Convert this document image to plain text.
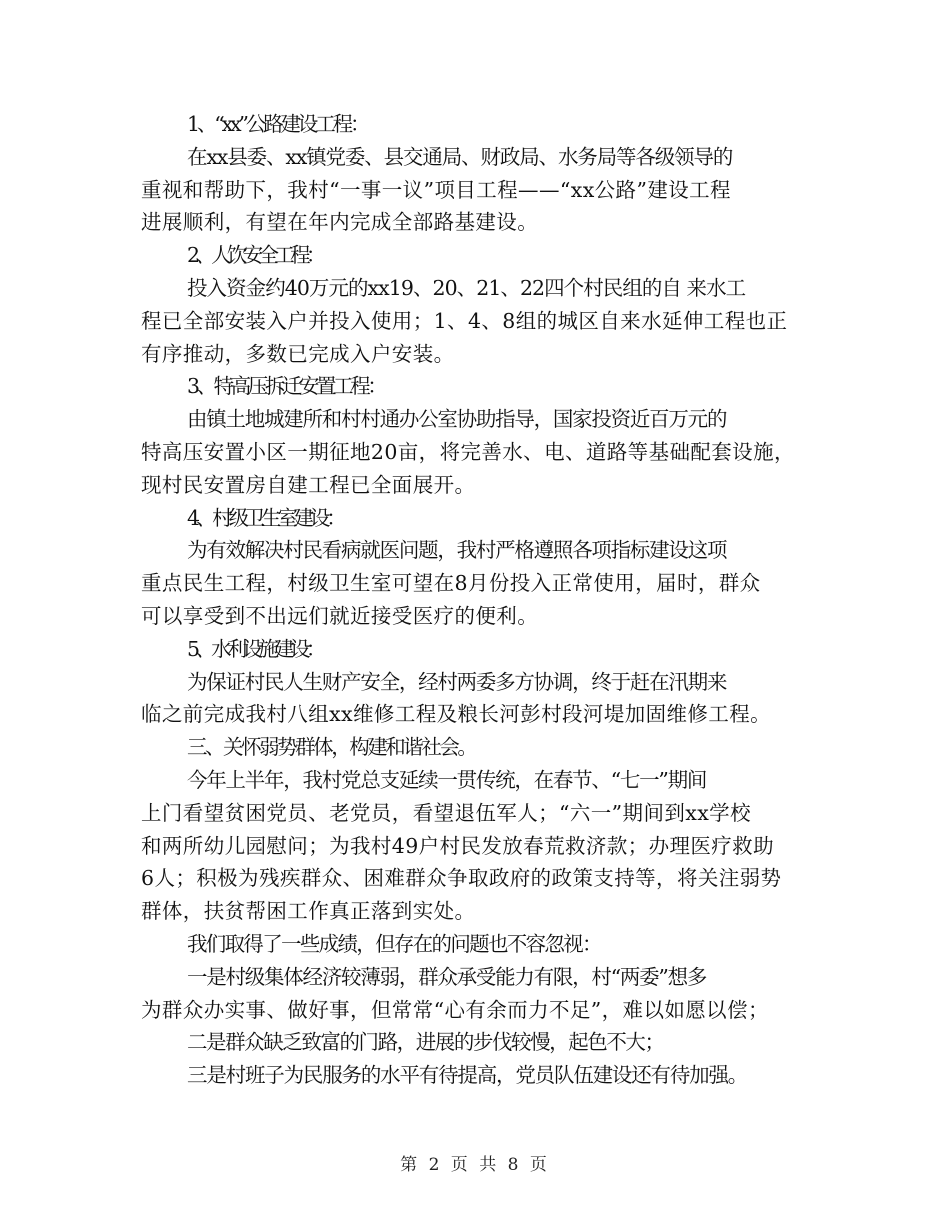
1、“xx”公路建设工程：
在xx县委、xx镇党委、县交通局、财政局、水务局等各级领导的
重视和帮助下，我村“一事一议”项目工程——“xx公路”建设工程
进展顺利，有望在年内完成全部路基建设。
2、人饮安全工程：
投入资金约40万元的xx19、20、21、22四个村民组的自 来水工
程已全部安装入户并投入使用；1、4、8组的城区自来水延伸工程也正
有序推动，多数已完成入户安装。
3、特高压拆迁安置工程：
由镇土地城建所和村村通办公室协助指导，国家投资近百万元的
特高压安置小区一期征地20亩，将完善水、电、道路等基础配套设施，
现村民安置房自建工程已全面展开。
4、村级卫生室建设：
为有效解决村民看病就医问题，我村严格遵照各项指标建设这项
重点民生工程，村级卫生室可望在8月份投入正常使用，届时，群众
可以享受到不出远们就近接受医疗的便利。
5、水利设施建设：
为保证村民人生财产安全，经村两委多方协调，终于赶在汛期来
临之前完成我村八组xx维修工程及粮长河彭村段河堤加固维修工程。
三、关怀弱势群体，构建和谐社会。
今年上半年，我村党总支延续一贯传统，在春节、“七一”期间
上门看望贫困党员、老党员，看望退伍军人；“六一”期间到xx学校
和两所幼儿园慰问；为我村49户村民发放春荒救济款；办理医疗救助
6人；积极为残疾群众、困难群众争取政府的政策支持等，将关注弱势
群体，扶贫帮困工作真正落到实处。
我们取得了一些成绩，但存在的问题也不容忽视：
一是村级集体经济较薄弱，群众承受能力有限，村“两委”想多
为群众办实事、做好事，但常常“心有余而力不足”，难以如愿以偿；
二是群众缺乏致富的门路，进展的步伐较慢，起色不大；
三是村班子为民服务的水平有待提高，党员队伍建设还有待加强。
第 2 页 共 8 页
